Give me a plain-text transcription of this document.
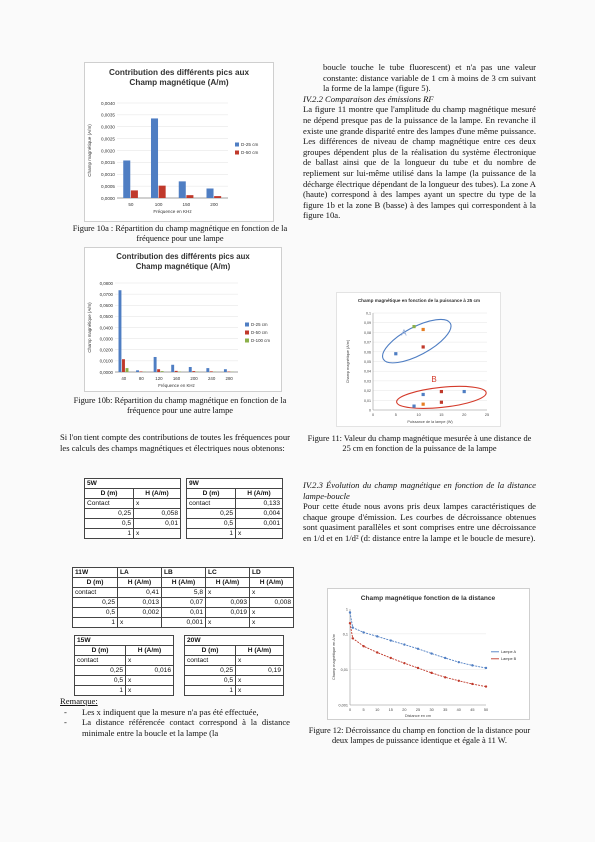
Contribution des différents pics aux
Champ magnétique (A/m)
0,0000
0,0005
0,0010
0,0015
0,0020
0,0025
0,0030
0,0035
0,0040
50	100	150	200
Fréquence en KHz
Champ magnétique (A/m)	D-25 cm
D-50 cm
Figure 10a : Répartition du champ magnétique en fonction de la fréquence pour une lampe
Contribution des différents pics aux
Champ magnétique (A/m)
0,0000
0,0100
0,0200
0,0300
0,0400
0,0500
0,0600
0,0700
0,0800
40	80	120 160 200 240 280
Fréquence en KHz
Champ magnétique (A/m)	D-25 cm
D-50 cm
D-100 cm
Figure 10b: Répartition du champ magnétique en fonction de la fréquence pour une autre lampe
Si l'on tient compte des contributions de toutes les fréquences pour les calculs des champs magnétiques et électriques nous obtenons:
5W	
D (m)	H (A/m)
Contact	x
0,25	0,058
0,5	0,01
1	x
9W	
D (m)	H (A/m)
contact	0,133
0,25	0,004
0,5	0,001
1	x
11W	LA	LB	LC	LD
D (m)	H (A/m)	H (A/m)	H (A/m)	H (A/m)
contact	0,41	5,8	x	x
0,25	0,013	0,07	0,093	0,008
0,5	0,002	0,01	0,019	x
1	x	0,001	x	x
15W	
D (m)	H (A/m)
contact	x
0,25	0,016
0,5	x
1	x
20W	
D (m)	H (A/m)
contact	x
0,25	0,19
0,5	x
1	x
Remarque:
- Les x indiquent que la mesure n'a pas été effectuée,
- La distance référencée contact correspond à la distance minimale entre la boucle et la lampe (la

boucle touche le tube fluorescent) et n'a pas une valeur constante: distance variable de 1 cm à moins de 3 cm suivant la forme de la lampe (figure 5).

IV.2.2 Comparaison des émissions RF

La figure 11 montre que l'amplitude du champ magnétique mesuré ne dépend presque pas de la puissance de la lampe. En revanche il existe une grande disparité entre des lampes d'une même puissance. Les différences de niveau de champ magnétique entre ces deux groupes dépendent plus de la réalisation du système électronique de ballast ainsi que de la longueur du tube et du nombre de repliement sur lui-même utilisé dans la lampe (la puissance de la décharge électrique dépendant de la longueur des tubes). La zone A (haute) correspond à des lampes ayant un spectre du type de la figure 1b et la zone B (basse) à des lampes qui correspondent à la figure 10a.

Champ magnétique en fonction de la puissance à 25 cm
0
0,01
0,02
0,03
0,04
0,05
0,06
0,07
0,08
0,09
0,1
0	5	10	15	20	25
Puissance de la lampe (W)
Champ magnétique (A/m)
A
B
Figure 11: Valeur du champ magnétique mesurée à une distance de 25 cm en fonction de la puissance de la lampe
IV.2.3 Évolution du champ magnétique en fonction de la distance lampe-boucle

Pour cette étude nous avons pris deux lampes caractéristiques de chaque groupe d'émission. Les courbes de décroissance obtenues sont quasiment parallèles et sont comprises entre une décroissance en 1/d et en 1/d² (d: distance entre la lampe et le boucle de mesure).

Champ magnétique fonction de la distance
0,001
0,01
0,1
1
0	5	10 15 20 25 30 35 40 45 50
Distance en cm
Champ magnétique en A/m	Lampe A
Lampe B
Figure 12: Décroissance du champ en fonction de la distance pour deux lampes de puissance identique et égale à 11 W.
